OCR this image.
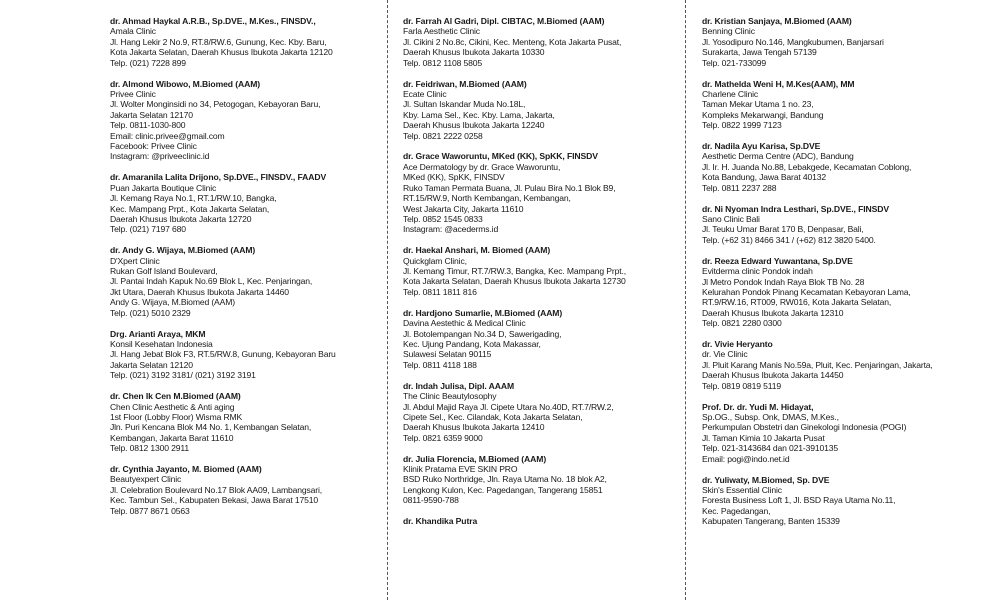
dr. Ahmad Haykal A.R.B., Sp.DVE., M.Kes., FINSDV.,
Amala Clinic
Jl. Hang Lekir 2 No.9, RT.8/RW.6, Gunung, Kec. Kby. Baru,
Kota Jakarta Selatan, Daerah Khusus Ibukota Jakarta 12120
Telp. (021) 7228 899
dr. Almond Wibowo, M.Biomed (AAM)
Privee Clinic
Jl. Wolter Monginsidi no 34, Petogogan, Kebayoran Baru,
Jakarta Selatan 12170
Telp. 0811-1030-800
Email: clinic.privee@gmail.com
Facebook: Privee Clinic
Instagram: @priveeclinic.id
dr. Amaranila Lalita Drijono, Sp.DVE., FINSDV., FAADV
Puan Jakarta Boutique Clinic
Jl. Kemang Raya No.1, RT.1/RW.10, Bangka,
Kec. Mampang Prpt., Kota Jakarta Selatan,
Daerah Khusus Ibukota Jakarta 12720
Telp. (021) 7197 680
dr. Andy G. Wijaya, M.Biomed (AAM)
D'Xpert Clinic
Rukan Golf Island Boulevard,
Jl. Pantai Indah Kapuk No.69 Blok L, Kec. Penjaringan,
Jkt Utara, Daerah Khusus Ibukota Jakarta 14460
Andy G. Wijaya, M.Biomed (AAM)
Telp. (021) 5010 2329
Drg. Arianti Araya, MKM
Konsil Kesehatan Indonesia
Jl. Hang Jebat Blok F3, RT.5/RW.8, Gunung, Kebayoran Baru
Jakarta Selatan 12120
Telp. (021) 3192 3181/ (021) 3192 3191
dr. Chen Ik Cen M.Biomed (AAM)
Chen Clinic Aesthetic & Anti aging
1st Floor (Lobby Floor) Wisma RMK
Jln. Puri Kencana Blok M4 No. 1, Kembangan Selatan,
Kembangan, Jakarta Barat 11610
Telp. 0812 1300 2911
dr. Cynthia Jayanto, M. Biomed (AAM)
Beautyexpert Clinic
Jl. Celebration Boulevard No.17 Blok AA09, Lambangsari,
Kec. Tambun Sel., Kabupaten Bekasi, Jawa Barat 17510
Telp. 0877 8671 0563
dr. Farrah Al Gadri, Dipl. CIBTAC, M.Biomed (AAM)
Farla Aesthetic Clinic
Jl. Cikini 2 No.8c, Cikini, Kec. Menteng, Kota Jakarta Pusat,
Daerah Khusus Ibukota Jakarta 10330
Telp. 0812 1108 5805
dr. Feidriwan, M.Biomed (AAM)
Ecate Clinic
Jl. Sultan Iskandar Muda No.18L,
Kby. Lama Sel., Kec. Kby. Lama, Jakarta,
Daerah Khusus Ibukota Jakarta 12240
Telp. 0821 2222 0258
dr. Grace Waworuntu, MKed (KK), SpKK, FINSDV
Ace Dermatology by dr. Grace Waworuntu,
MKed (KK), SpKK, FINSDV
Ruko Taman Permata Buana, Jl. Pulau Bira No.1 Blok B9,
RT.15/RW.9, North Kembangan, Kembangan,
West Jakarta City, Jakarta 11610
Telp. 0852 1545 0833
Instagram: @acederms.id
dr. Haekal Anshari, M. Biomed (AAM)
Quickglam Clinic,
Jl. Kemang Timur, RT.7/RW.3, Bangka, Kec. Mampang Prpt.,
Kota Jakarta Selatan, Daerah Khusus Ibukota Jakarta 12730
Telp. 0811 1811 816
dr. Hardjono Sumarlie, M.Biomed (AAM)
Davina Aestethic & Medical Clinic
Jl. Botolempangan No.34 D, Sawerigading,
Kec. Ujung Pandang, Kota Makassar,
Sulawesi Selatan 90115
Telp. 0811 4118 188
dr. Indah Julisa, Dipl. AAAM
The Clinic Beautylosophy
Jl. Abdul Majid Raya Jl. Cipete Utara No.40D, RT.7/RW.2,
Cipete Sel., Kec. Cilandak, Kota Jakarta Selatan,
Daerah Khusus Ibukota Jakarta 12410
Telp. 0821 6359 9000
dr. Julia Florencia, M.Biomed (AAM)
Klinik Pratama EVE SKIN PRO
BSD Ruko Northridge, Jln. Raya Utama No. 18 blok A2,
Lengkong Kulon, Kec. Pagedangan, Tangerang 15851
0811-9590-788
dr. Khandika Putra
dr. Kristian Sanjaya, M.Biomed (AAM)
Benning Clinic
Jl. Yosodipuro No.146, Mangkubumen, Banjarsari
Surakarta, Jawa Tengah 57139
Telp. 021-733099
dr. Mathelda Weni H, M.Kes(AAM), MM
Charlene Clinic
Taman Mekar Utama 1 no. 23,
Kompleks Mekarwangi, Bandung
Telp. 0822 1999 7123
dr. Nadila Ayu Karisa, Sp.DVE
Aesthetic Derma Centre (ADC), Bandung
Jl. Ir. H. Juanda No.88, Lebakgede, Kecamatan Coblong,
Kota Bandung, Jawa Barat 40132
Telp. 0811 2237 288
dr. Ni Nyoman Indra Lesthari, Sp.DVE., FINSDV
Sano Clinic Bali
Jl. Teuku Umar Barat 170 B, Denpasar, Bali,
Telp. (+62 31) 8466 341 / (+62) 812 3820 5400.
dr. Reeza Edward Yuwantana, Sp.DVE
Evitderma clinic Pondok indah
Jl Metro Pondok Indah Raya Blok TB No. 28
Kelurahan Pondok Pinang Kecamatan Kebayoran Lama,
RT.9/RW.16, RT009, RW016, Kota Jakarta Selatan,
Daerah Khusus Ibukota Jakarta 12310
Telp. 0821 2280 0300
dr. Vivie Heryanto
dr. Vie Clinic
Jl. Pluit Karang Manis No.59a, Pluit, Kec. Penjaringan, Jakarta,
Daerah Khusus Ibukota Jakarta 14450
Telp. 0819 0819 5119
Prof. Dr. dr. Yudi M. Hidayat,
Sp.OG., Subsp. Onk, DMAS, M.Kes.,
Perkumpulan Obstetri dan Ginekologi Indonesia (POGI)
Jl. Taman Kimia 10 Jakarta Pusat
Telp. 021-3143684 dan 021-3910135
Email: pogi@indo.net.id
dr. Yuliwaty, M.Biomed, Sp. DVE
Skin's Essential Clinic
Foresta Business Loft 1, Jl. BSD Raya Utama No.11,
Kec. Pagedangan,
Kabupaten Tangerang, Banten 15339
